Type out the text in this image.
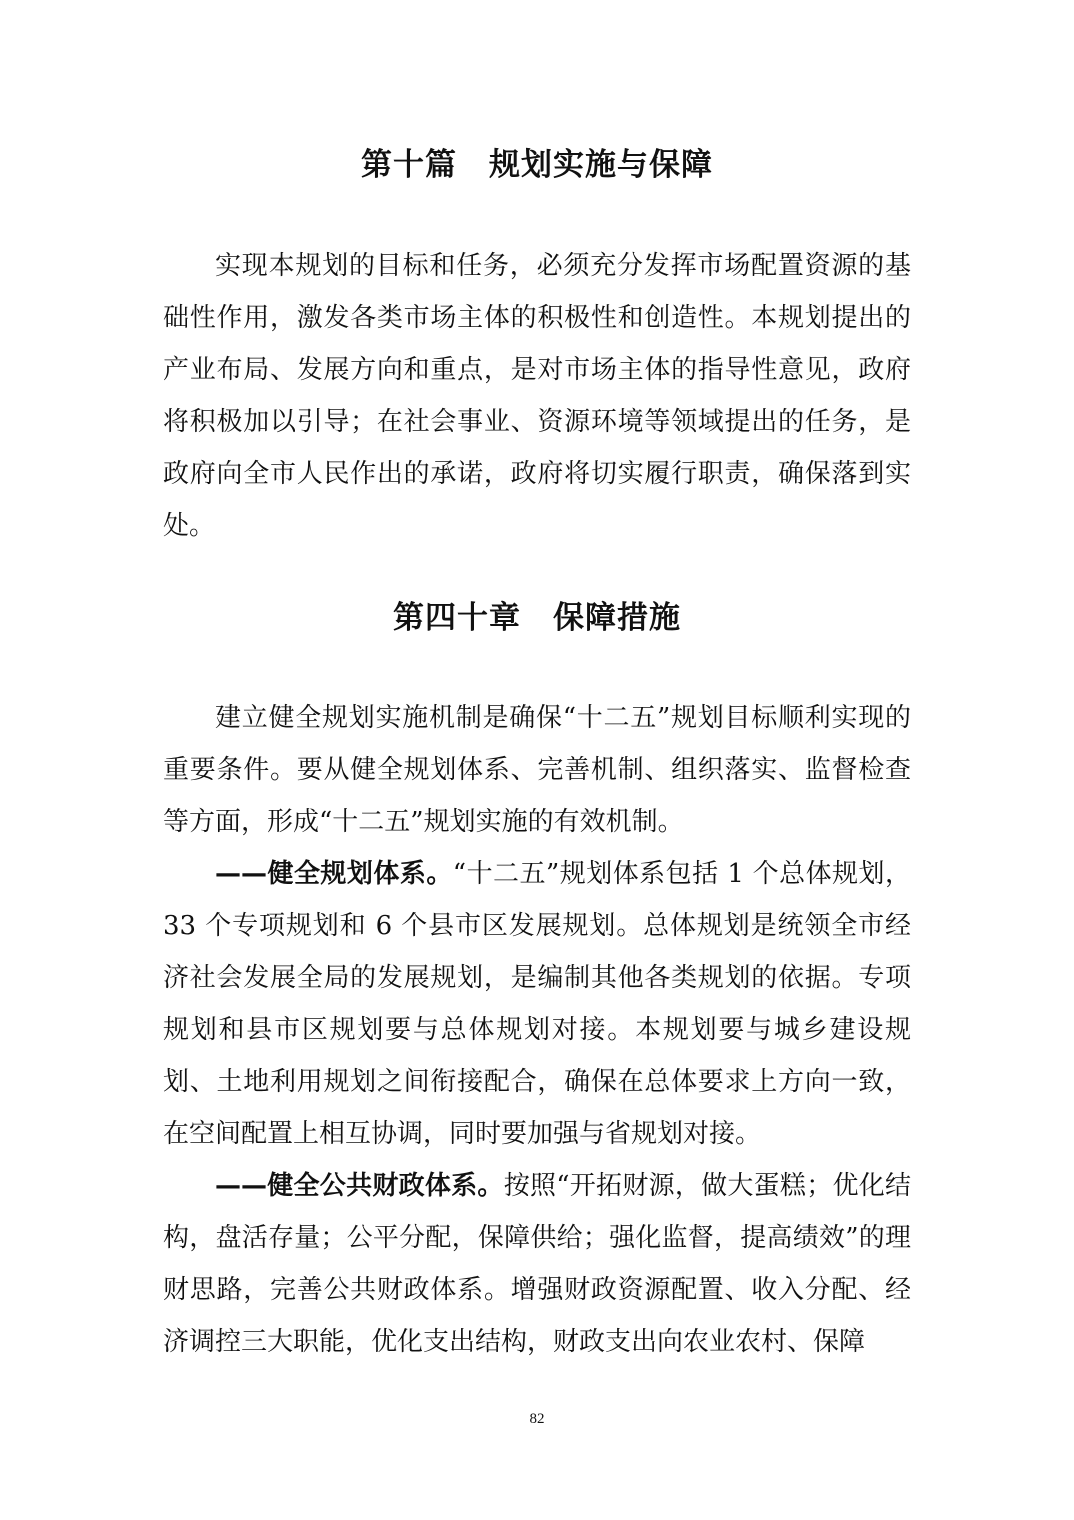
第十篇　规划实施与保障

实现本规划的目标和任务，必须充分发挥市场配置资源的基础性作用，激发各类市场主体的积极性和创造性。本规划提出的产业布局、发展方向和重点，是对市场主体的指导性意见，政府将积极加以引导；在社会事业、资源环境等领域提出的任务，是政府向全市人民作出的承诺，政府将切实履行职责，确保落到实处。

第四十章　保障措施

建立健全规划实施机制是确保“十二五”规划目标顺利实现的重要条件。要从健全规划体系、完善机制、组织落实、监督检查等方面，形成“十二五”规划实施的有效机制。

——健全规划体系。“十二五”规划体系包括 1 个总体规划，33 个专项规划和 6 个县市区发展规划。总体规划是统领全市经济社会发展全局的发展规划，是编制其他各类规划的依据。专项规划和县市区规划要与总体规划对接。本规划要与城乡建设规划、土地利用规划之间衔接配合，确保在总体要求上方向一致，在空间配置上相互协调，同时要加强与省规划对接。

——健全公共财政体系。按照“开拓财源，做大蛋糕；优化结构，盘活存量；公平分配，保障供给；强化监督，提高绩效”的理财思路，完善公共财政体系。增强财政资源配置、收入分配、经济调控三大职能，优化支出结构，财政支出向农业农村、保障

82
